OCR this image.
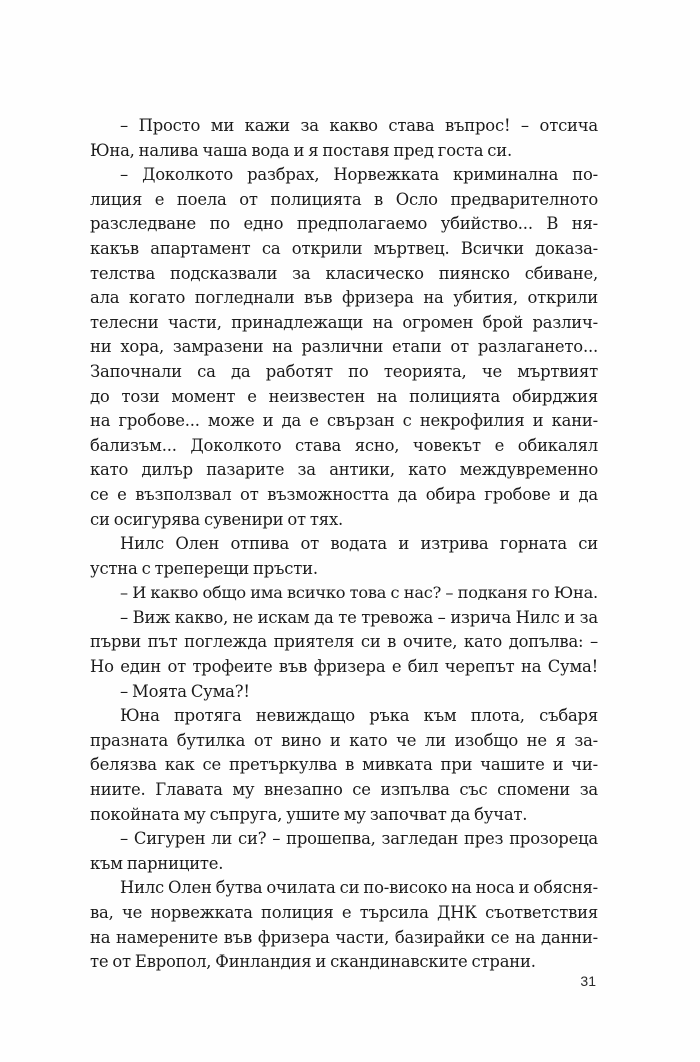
– Просто ми кажи за какво става въпрос! – отсича
Юна, налива чаша вода и я поставя пред госта си.
– Доколкото разбрах, Норвежката криминална по-
лиция е поела от полицията в Осло предварителното
разследване по едно предполагаемо убийство... В ня-
какъв апартамент са открили мъртвец. Всички доказа-
телства подсказвали за класическо пиянско сбиване,
ала когато погледнали във фризера на убития, открили
телесни части, принадлежащи на огромен брой различ-
ни хора, замразени на различни етапи от разлагането...
Започнали са да работят по теорията, че мъртвият
до този момент е неизвестен на полицията обирджия
на гробове... може и да е свързан с некрофилия и кани-
бализъм... Доколкото става ясно, човекът е обикалял
като дилър пазарите за антики, като междувременно
се е възползвал от възможността да обира гробове и да
си осигурява сувенири от тях.
Нилс Олен отпива от водата и изтрива горната си
устна с треперещи пръсти.
– И какво общо има всичко това с нас? – подканя го Юна.
– Виж какво, не искам да те тревожа – изрича Нилс и за
първи път поглежда приятеля си в очите, като допълва: –
Но един от трофеите във фризера е бил черепът на Сума!
– Моята Сума?!
Юна протяга невиждащо ръка към плота, събаря
празната бутилка от вино и като че ли изобщо не я за-
белязва как се претъркулва в мивката при чашите и чи-
ниите. Главата му внезапно се изпълва със спомени за
покойната му съпруга, ушите му започват да бучат.
– Сигурен ли си? – прошепва, загледан през прозореца
към парниците.
Нилс Олен бутва очилата си по-високо на носа и обясня-
ва, че норвежката полиция е търсила ДНК съответствия
на намерените във фризера части, базирайки се на данни-
те от Европол, Финландия и скандинавските страни.
31
